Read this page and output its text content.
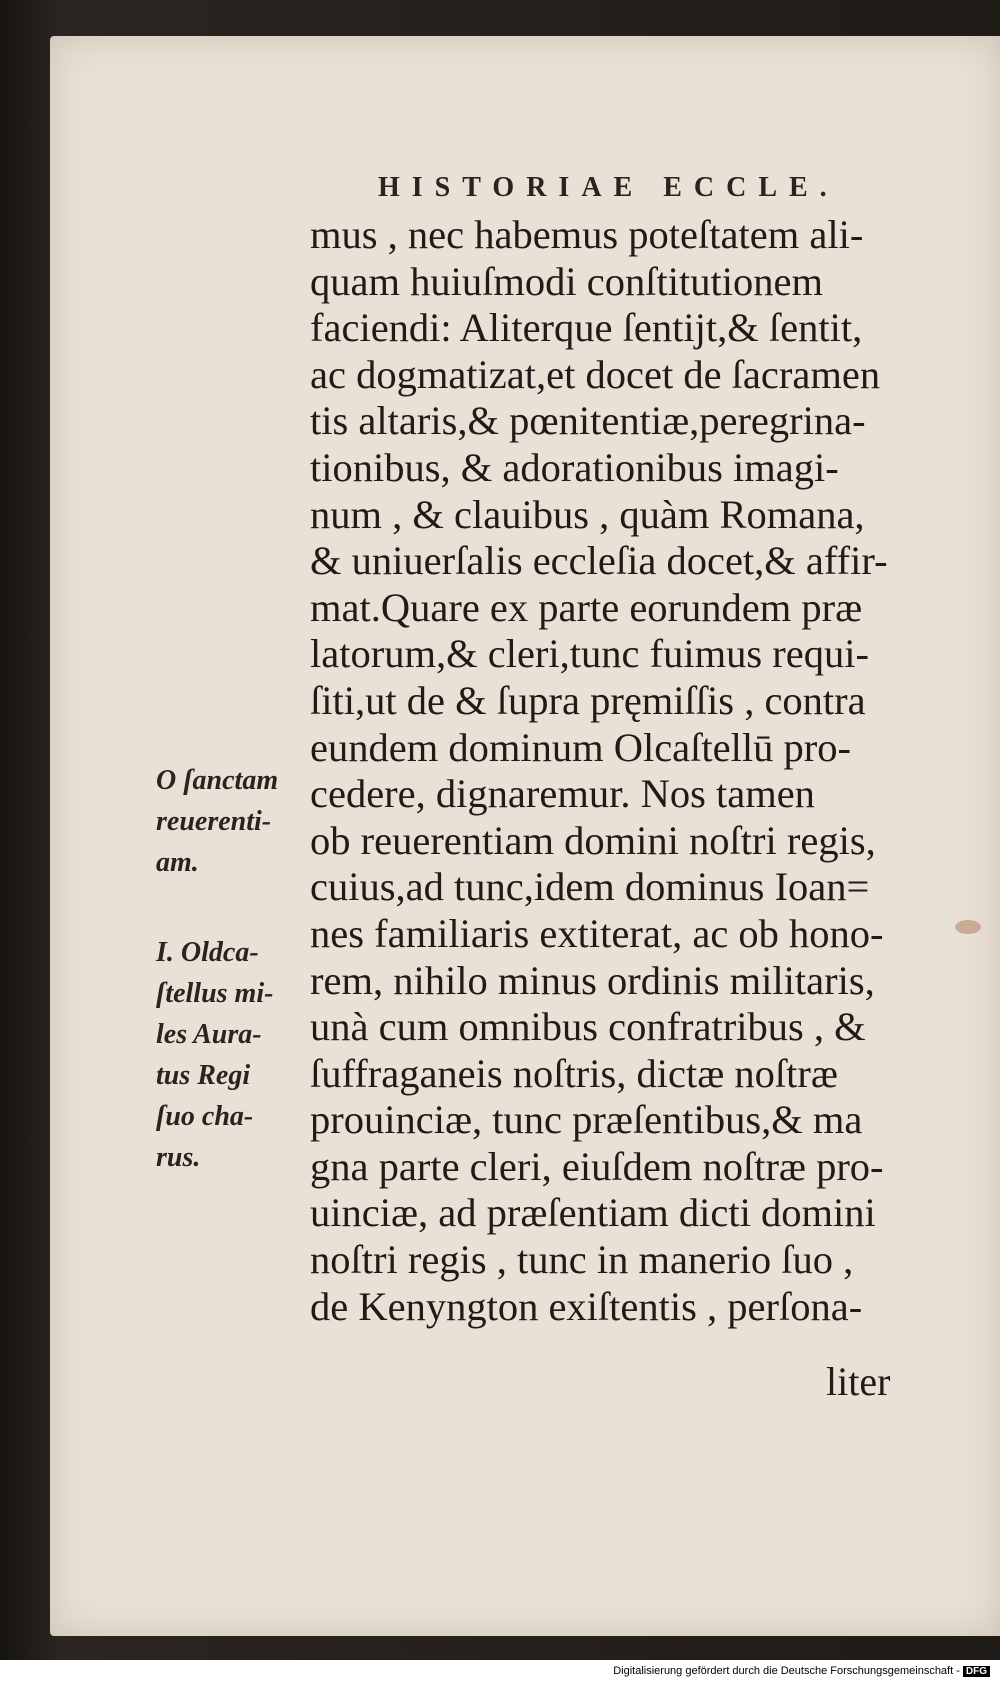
HISTORIAE ECCLE.
mus , nec habemus poteſtatem ali-
quam huiuſmodi conſtitutionem
faciendi: Aliterque ſentijt,& ſentit,
ac dogmatizat,et docet de ſacramen
tis altaris,& pœnitentiæ,peregrina-
tionibus, & adorationibus imagi-
num , & clauibus , quàm Romana,
& uniuerſalis eccleſia docet,& affir-
mat.Quare ex parte eorundem præ
latorum,& cleri,tunc fuimus requi-
ſiti,ut de & ſupra pręmiſſis , contra
eundem dominum Olcaſtellū pro-
cedere, dignaremur. Nos tamen
ob reuerentiam domini noſtri regis,
cuius,ad tunc,idem dominus Ioan=
nes familiaris extiterat, ac ob hono-
rem, nihilo minus ordinis militaris,
unà cum omnibus confratribus , &
ſuffraganeis noſtris, dictæ noſtræ
prouinciæ, tunc præſentibus,& ma
gna parte cleri, eiuſdem noſtræ pro-
uinciæ, ad præſentiam dicti domini
noſtri regis , tunc in manerio ſuo ,
de Kenyngton exiſtentis , perſona-
liter
O ſanctam
reuerenti-
am.
I. Oldca-
ſtellus mi-
les Aura-
tus Regi
ſuo cha-
rus.
Digitalisierung gefördert durch die Deutsche Forschungsgemeinschaft - DFG
